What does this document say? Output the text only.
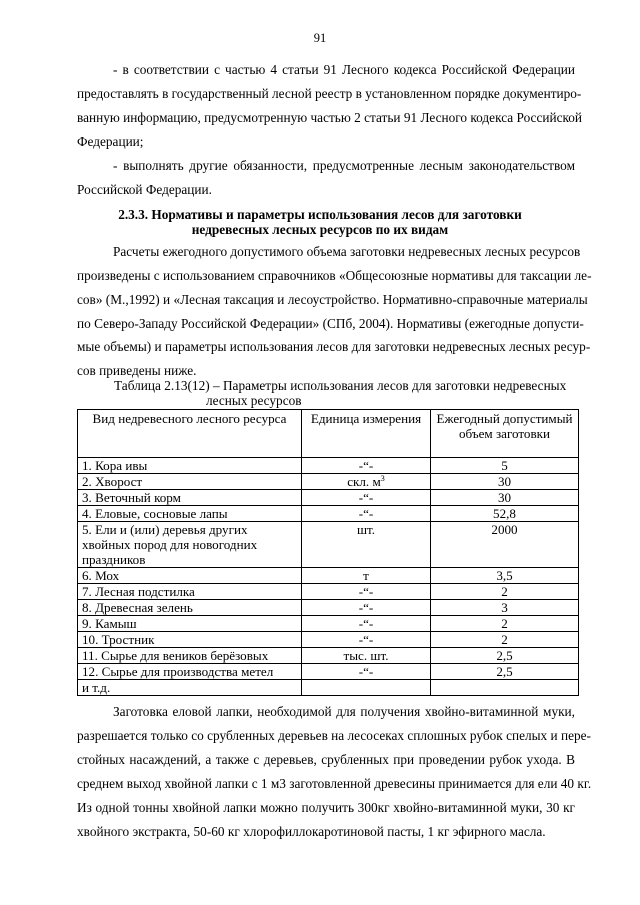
91
- в соответствии с частью 4 статьи 91 Лесного кодекса Российской Федерации
предоставлять в государственный лесной реестр в установленном порядке документиро-
ванную информацию, предусмотренную частью 2 статьи 91 Лесного кодекса Российской
Федерации;
- выполнять другие обязанности, предусмотренные лесным законодательством
Российской Федерации.
2.3.3. Нормативы и параметры использования лесов для заготовки
недревесных лесных ресурсов по их видам
Расчеты ежегодного допустимого объема заготовки недревесных лесных ресурсов
произведены с использованием справочников «Общесоюзные нормативы для таксации ле-
сов» (М.,1992) и «Лесная таксация и лесоустройство. Нормативно-справочные материалы
по Северо-Западу Российской Федерации» (СПб, 2004). Нормативы (ежегодные допусти-
мые объемы) и параметры использования лесов для заготовки недревесных лесных ресур-
сов приведены ниже.
Таблица 2.13(12) – Параметры использования лесов для заготовки недревесных
лесных ресурсов
Вид недревесного лесного ресурса	Единица измерения	Ежегодный допустимый объем заготовки
1. Кора ивы	-“-	5
2. Хворост	скл. $м^3$	30
3. Веточный корм	-“-	30
4. Еловые, сосновые лапы	-“-	52,8
5. Ели и (или) деревья других хвойных пород для новогодних праздников	шт.	2000
6. Мох	т	3,5
7. Лесная подстилка	-“-	2
8. Древесная зелень	-“-	3
9. Камыш	-“-	2
10. Тростник	-“-	2
11. Сырье для веников берёзовых	тыс. шт.	2,5
12. Сырье для производства метел	-“-	2,5
и т.д.		
Заготовка еловой лапки, необходимой для получения хвойно-витаминной муки,
разрешается только со срубленных деревьев на лесосеках сплошных рубок спелых и пере-
стойных насаждений, а также с деревьев, срубленных при проведении рубок ухода. В
среднем выход хвойной лапки с 1 м3 заготовленной древесины принимается для ели 40 кг.
Из одной тонны хвойной лапки можно получить 300кг хвойно-витаминной муки, 30 кг
хвойного экстракта, 50-60 кг хлорофиллокаротиновой пасты, 1 кг эфирного масла.
